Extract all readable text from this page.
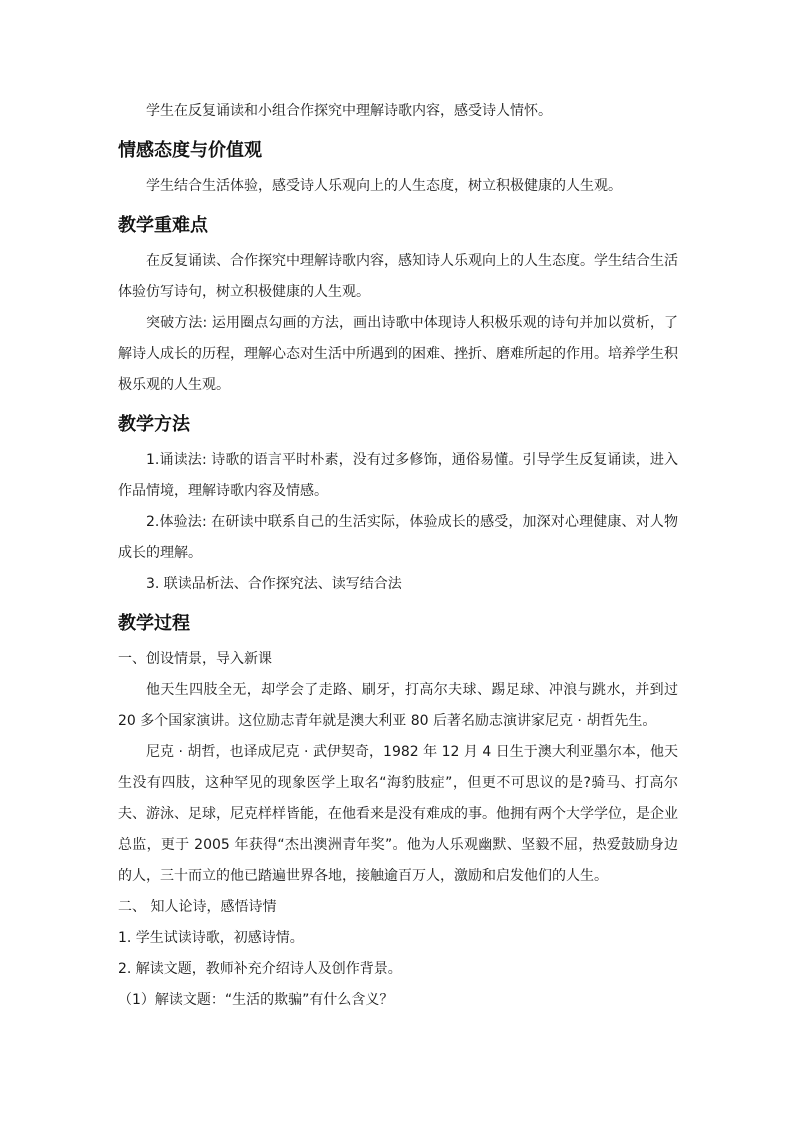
学生在反复诵读和小组合作探究中理解诗歌内容，感受诗人情怀。

情感态度与价值观

学生结合生活体验，感受诗人乐观向上的人生态度，树立积极健康的人生观。

教学重难点

在反复诵读、合作探究中理解诗歌内容，感知诗人乐观向上的人生态度。学生结合生活体验仿写诗句，树立积极健康的人生观。

突破方法: 运用圈点勾画的方法，画出诗歌中体现诗人积极乐观的诗句并加以赏析，了解诗人成长的历程，理解心态对生活中所遇到的困难、挫折、磨难所起的作用。培养学生积极乐观的人生观。

教学方法

1.诵读法: 诗歌的语言平时朴素，没有过多修饰，通俗易懂。引导学生反复诵读，进入作品情境，理解诗歌内容及情感。

2.体验法: 在研读中联系自己的生活实际，体验成长的感受，加深对心理健康、对人物成长的理解。

3. 联读品析法、合作探究法、读写结合法

教学过程

一、创设情景，导入新课

他天生四肢全无，却学会了走路、刷牙，打高尔夫球、踢足球、冲浪与跳水，并到过 20 多个国家演讲。这位励志青年就是澳大利亚 80 后著名励志演讲家尼克 · 胡哲先生。

尼克 · 胡哲，也译成尼克 · 武伊契奇，1982 年 12 月 4 日生于澳大利亚墨尔本，他天生没有四肢，这种罕见的现象医学上取名“海豹肢症”，但更不可思议的是?骑马、打高尔夫、游泳、足球，尼克样样皆能，在他看来是没有难成的事。他拥有两个大学学位，是企业总监，更于 2005 年获得“杰出澳洲青年奖”。他为人乐观幽默、坚毅不屈，热爱鼓励身边的人，三十而立的他已踏遍世界各地，接触逾百万人，激励和启发他们的人生。

二、 知人论诗，感悟诗情

1. 学生试读诗歌，初感诗情。

2. 解读文题，教师补充介绍诗人及创作背景。

（1）解读文题：“生活的欺骗”有什么含义？
